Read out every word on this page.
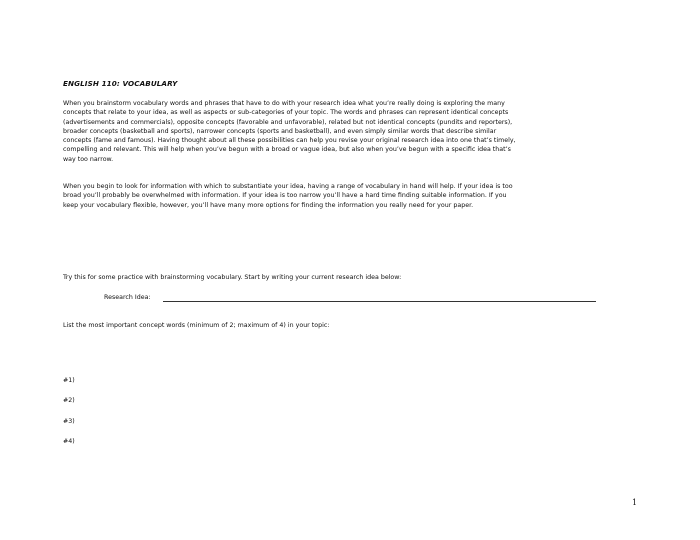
ENGLISH 110: VOCABULARY

When you brainstorm vocabulary words and phrases that have to do with your research idea what you’re really doing is exploring the many
concepts that relate to your idea, as well as aspects or sub-categories of your topic. The words and phrases can represent identical concepts
(advertisements and commercials), opposite concepts (favorable and unfavorable), related but not identical concepts (pundits and reporters),
broader concepts (basketball and sports), narrower concepts (sports and basketball), and even simply similar words that describe similar
concepts (fame and famous). Having thought about all these possibilities can help you revise your original research idea into one that’s timely,
compelling and relevant. This will help when you’ve begun with a broad or vague idea, but also when you’ve begun with a specific idea that’s
way too narrow.

When you begin to look for information with which to substantiate your idea, having a range of vocabulary in hand will help. If your idea is too
broad you’ll probably be overwhelmed with information. If your idea is too narrow you’ll have a hard time finding suitable information. If you
keep your vocabulary flexible, however, you’ll have many more options for finding the information you really need for your paper.

Try this for some practice with brainstorming vocabulary. Start by writing your current research idea below:
Research Idea:
List the most important concept words (minimum of 2; maximum of 4) in your topic:
#1)
#2)
#3)
#4)
1
